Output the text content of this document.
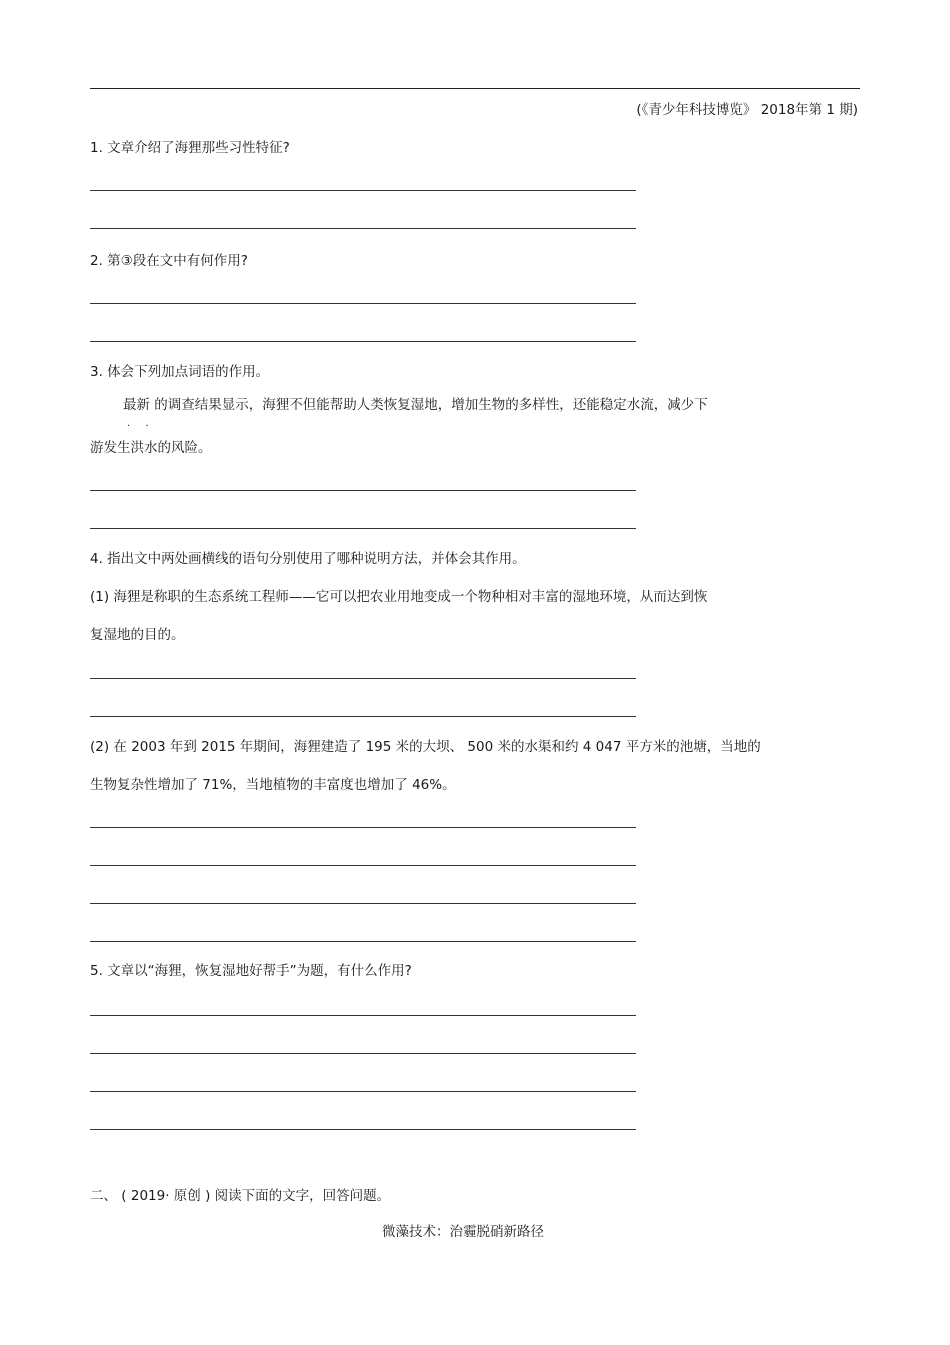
(《青少年科技博览》 2018年第 1 期)
1. 文章介绍了海狸那些习性特征?
2. 第③段在文中有何作用?
3. 体会下列加点词语的作用。
最新 的调查结果显示，海狸不但能帮助人类恢复湿地，增加生物的多样性，还能稳定水流，减少下
· ·
游发生洪水的风险。
4. 指出文中两处画横线的语句分别使用了哪种说明方法，并体会其作用。
(1) 海狸是称职的生态系统工程师——它可以把农业用地变成一个物种相对丰富的湿地环境，从而达到恢
复湿地的目的。
(2) 在 2003 年到 2015 年期间，海狸建造了 195 米的大坝、 500 米的水渠和约 4 047 平方米的池塘，当地的
生物复杂性增加了 71%，当地植物的丰富度也增加了 46%。
5. 文章以“海狸，恢复湿地好帮手”为题，有什么作用?
二、 ( 2019· 原创 ) 阅读下面的文字，回答问题。
微藻技术：治霾脱硝新路径
